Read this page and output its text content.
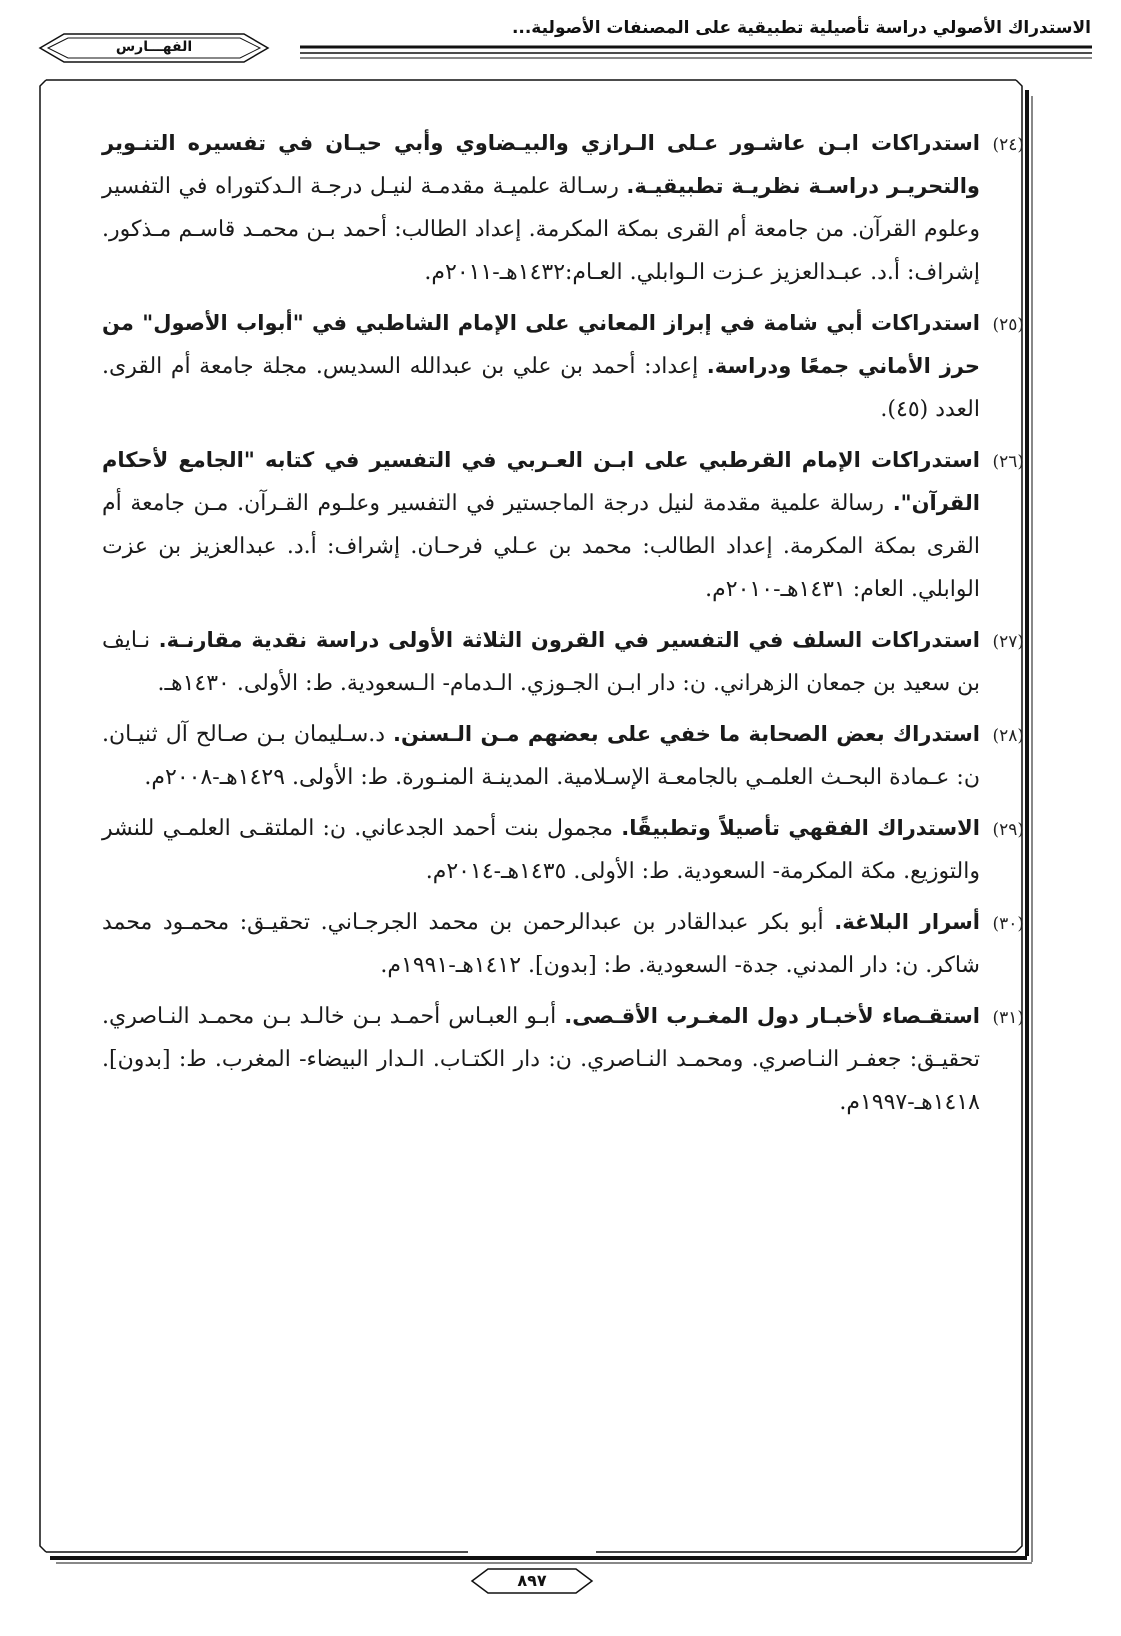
الاستدراك الأصولي دراسة تأصيلية تطبيقية على المصنفات الأصولية...
الفهـــارس

(٢٤)
استدراكات ابـن عاشـور عـلى الـرازي والبيـضاوي وأبي حيـان في تفسيره التنـوير والتحريـر دراسـة نظريـة تطبيقيـة. رسـالة علميـة مقدمـة لنيـل درجـة الـدكتوراه في التفسير وعلوم القرآن. من جامعة أم القرى بمكة المكرمة. إعداد الطالب: أحمد بـن محمـد قاسـم مـذكور. إشراف: أ.د. عبـدالعزيز عـزت الـوابلي. العـام:١٤٣٢هـ-٢٠١١م.

(٢٥)
استدراكات أبي شامة في إبراز المعاني على الإمام الشاطبي في "أبواب الأصول" من حرز الأماني جمعًا ودراسة. إعداد: أحمد بن علي بن عبدالله السديس. مجلة جامعة أم القرى. العدد (٤٥).

(٢٦)
استدراكات الإمام القرطبي على ابـن العـربي في التفسير في كتابه "الجامع لأحكام القرآن". رسالة علمية مقدمة لنيل درجة الماجستير في التفسير وعلـوم القـرآن. مـن جامعة أم القرى بمكة المكرمة. إعداد الطالب: محمد بن عـلي فرحـان. إشراف: أ.د. عبدالعزيز بن عزت الوابلي. العام: ١٤٣١هـ-٢٠١٠م.

(٢٧)
استدراكات السلف في التفسير في القرون الثلاثة الأولى دراسة نقدية مقارنـة. نـايف بن سعيد بن جمعان الزهراني. ن: دار ابـن الجـوزي. الـدمام- الـسعودية. ط: الأولى. ١٤٣٠هـ.

(٢٨)
استدراك بعض الصحابة ما خفي على بعضهم مـن الـسنن. د.سـليمان بـن صـالح آل ثنيـان. ن: عـمادة البحـث العلمـي بالجامعـة الإسـلامية. المدينـة المنـورة. ط: الأولى. ١٤٢٩هـ-٢٠٠٨م.

(٢٩)
الاستدراك الفقهي تأصيلاً وتطبيقًا. مجمول بنت أحمد الجدعاني. ن: الملتقـى العلمـي للنشر والتوزيع. مكة المكرمة- السعودية. ط: الأولى. ١٤٣٥هـ-٢٠١٤م.

(٣٠)
أسرار البلاغة. أبو بكر عبدالقادر بن عبدالرحمن بن محمد الجرجـاني. تحقيـق: محمـود محمد شاكر. ن: دار المدني. جدة- السعودية. ط: [بدون]. ١٤١٢هـ-١٩٩١م.

(٣١)
استقـصاء لأخبـار دول المغـرب الأقـصى. أبـو العبـاس أحمـد بـن خالـد بـن محمـد النـاصري. تحقيـق: جعفـر النـاصري. ومحمـد النـاصري. ن: دار الكتـاب. الـدار البيضاء- المغرب. ط: [بدون]. ١٤١٨هـ-١٩٩٧م.

٨٩٧
